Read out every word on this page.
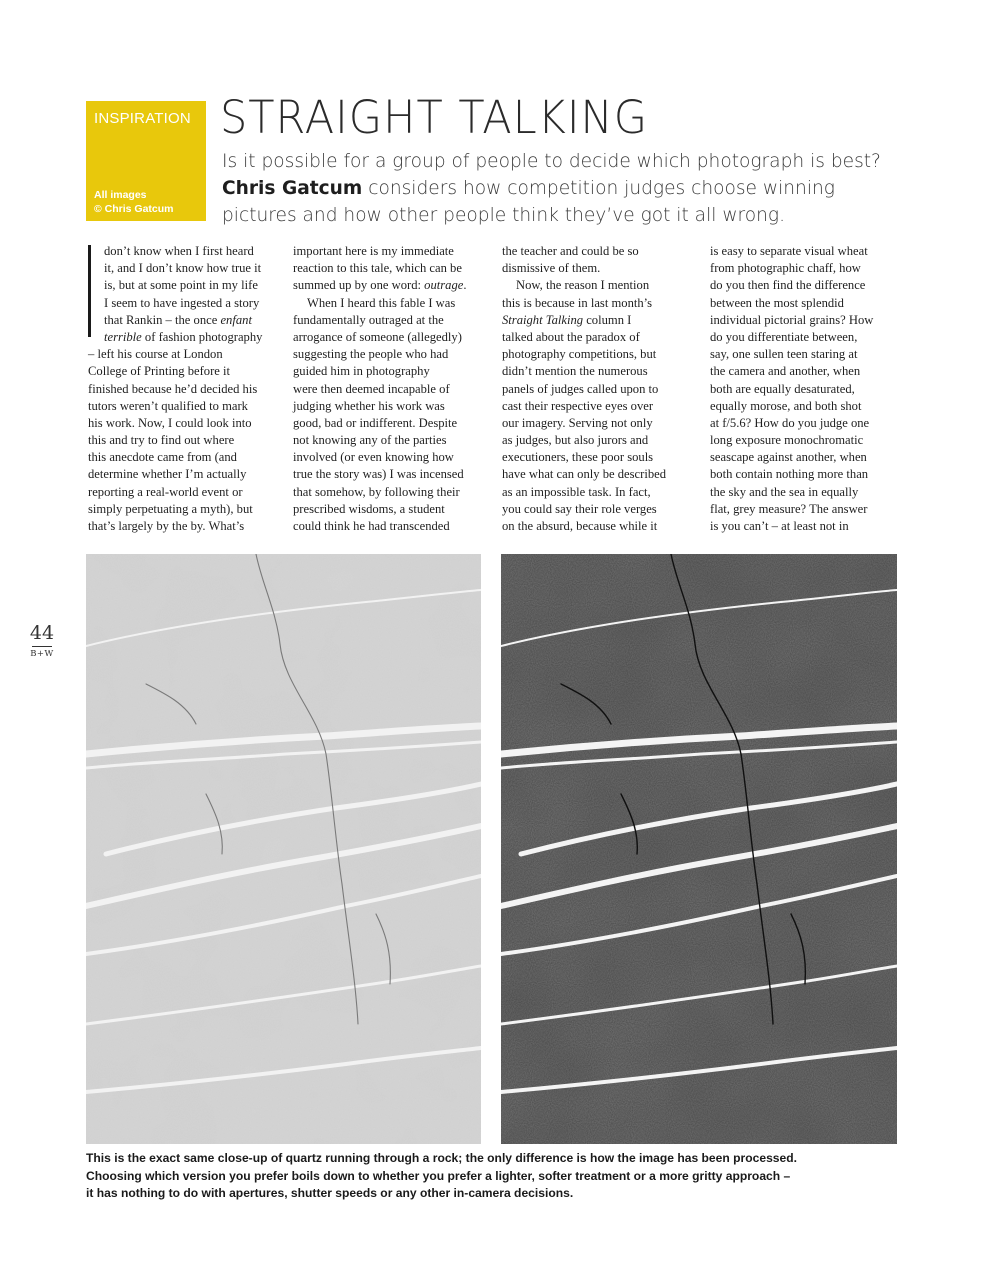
INSPIRATION
All images
© Chris Gatcum
STRAIGHT TALKING

Is it possible for a group of people to decide which photograph is best?
Chris Gatcum considers how competition judges choose winning
pictures and how other people think they’ve got it all wrong.

don’t know when I first heard
it, and I don’t know how true it
is, but at some point in my life
I seem to have ingested a story
that Rankin – the once enfant
terrible of fashion photography
– left his course at London
College of Printing before it
finished because he’d decided his
tutors weren’t qualified to mark
his work. Now, I could look into
this and try to find out where
this anecdote came from (and
determine whether I’m actually
reporting a real-world event or
simply perpetuating a myth), but
that’s largely by the by. What’s
important here is my immediate
reaction to this tale, which can be
summed up by one word: outrage.
When I heard this fable I was
fundamentally outraged at the
arrogance of someone (allegedly)
suggesting the people who had
guided him in photography
were then deemed incapable of
judging whether his work was
good, bad or indifferent. Despite
not knowing any of the parties
involved (or even knowing how
true the story was) I was incensed
that somehow, by following their
prescribed wisdoms, a student
could think he had transcended
the teacher and could be so
dismissive of them.
Now, the reason I mention
this is because in last month’s
Straight Talking column I
talked about the paradox of
photography competitions, but
didn’t mention the numerous
panels of judges called upon to
cast their respective eyes over
our imagery. Serving not only
as judges, but also jurors and
executioners, these poor souls
have what can only be described
as an impossible task. In fact,
you could say their role verges
on the absurd, because while it
is easy to separate visual wheat
from photographic chaff, how
do you then find the difference
between the most splendid
individual pictorial grains? How
do you differentiate between,
say, one sullen teen staring at
the camera and another, when
both are equally desaturated,
equally morose, and both shot
at f/5.6? How do you judge one
long exposure monochromatic
seascape against another, when
both contain nothing more than
the sky and the sea in equally
flat, grey measure? The answer
is you can’t – at least not in
44
B+W
This is the exact same close-up of quartz running through a rock; the only difference is how the image has been processed.
Choosing which version you prefer boils down to whether you prefer a lighter, softer treatment or a more gritty approach –
it has nothing to do with apertures, shutter speeds or any other in-camera decisions.
